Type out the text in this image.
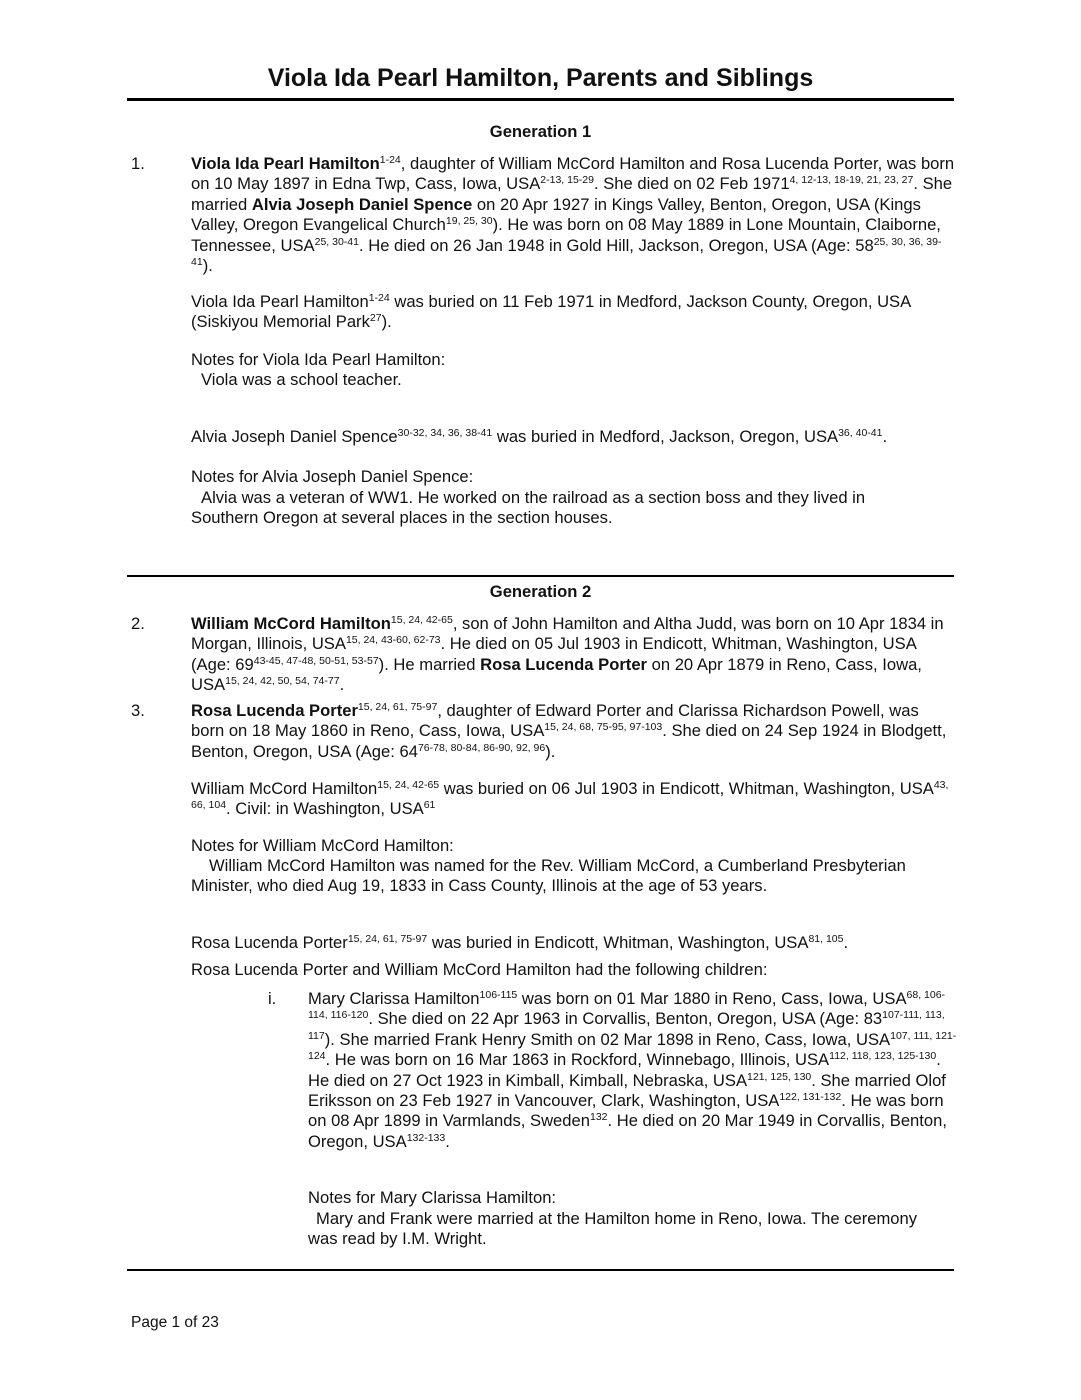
Viola Ida Pearl Hamilton, Parents and Siblings
Generation 1
1.	Viola Ida Pearl Hamilton$^{1-24}$, daughter of William McCord Hamilton and Rosa Lucenda Porter, was born on 10 May 1897 in Edna Twp, Cass, Iowa, USA$^{2-13, 15-29}$. She died on 02 Feb 1971$^{4, 12-13, 18-19, 21, 23, 27}$. She married Alvia Joseph Daniel Spence on 20 Apr 1927 in Kings Valley, Benton, Oregon, USA (Kings Valley, Oregon Evangelical Church$^{19, 25, 30}$). He was born on 08 May 1889 in Lone Mountain, Claiborne, Tennessee, USA$^{25, 30-41}$. He died on 26 Jan 1948 in Gold Hill, Jackson, Oregon, USA (Age: 58$^{25, 30, 36, 39-41}$).

Viola Ida Pearl Hamilton$^{1-24}$ was buried on 11 Feb 1971 in Medford, Jackson County, Oregon, USA (Siskiyou Memorial Park$^{27}$).

Notes for Viola Ida Pearl Hamilton:

Viola was a school teacher.

Alvia Joseph Daniel Spence$^{30-32, 34, 36, 38-41}$ was buried in Medford, Jackson, Oregon, USA$^{36, 40-41}$.

Notes for Alvia Joseph Daniel Spence:

Alvia was a veteran of WW1. He worked on the railroad as a section boss and they lived in

Southern Oregon at several places in the section houses.

Generation 2
2.	William McCord Hamilton$^{15, 24, 42-65}$, son of John Hamilton and Altha Judd, was born on 10 Apr 1834 in Morgan, Illinois, USA$^{15, 24, 43-60, 62-73}$. He died on 05 Jul 1903 in Endicott, Whitman, Washington, USA (Age: 69$^{43-45, 47-48, 50-51, 53-57}$). He married Rosa Lucenda Porter on 20 Apr 1879 in Reno, Cass, Iowa, USA$^{15, 24, 42, 50, 54, 74-77}$.

3.	Rosa Lucenda Porter$^{15, 24, 61, 75-97}$, daughter of Edward Porter and Clarissa Richardson Powell, was born on 18 May 1860 in Reno, Cass, Iowa, USA$^{15, 24, 68, 75-95, 97-103}$. She died on 24 Sep 1924 in Blodgett, Benton, Oregon, USA (Age: 64$^{76-78, 80-84, 86-90, 92, 96}$).

William McCord Hamilton$^{15, 24, 42-65}$ was buried on 06 Jul 1903 in Endicott, Whitman, Washington, USA$^{43, 66, 104}$. Civil: in Washington, USA$^{61}$

Notes for William McCord Hamilton:

William McCord Hamilton was named for the Rev. William McCord, a Cumberland Presbyterian

Minister, who died Aug 19, 1833 in Cass County, Illinois at the age of 53 years.

Rosa Lucenda Porter$^{15, 24, 61, 75-97}$ was buried in Endicott, Whitman, Washington, USA$^{81, 105}$.

Rosa Lucenda Porter and William McCord Hamilton had the following children:

i. Mary Clarissa Hamilton$^{106-115}$ was born on 01 Mar 1880 in Reno, Cass, Iowa, USA$^{68, 106-114, 116-120}$. She died on 22 Apr 1963 in Corvallis, Benton, Oregon, USA (Age: 83$^{107-111, 113, 117}$). She married Frank Henry Smith on 02 Mar 1898 in Reno, Cass, Iowa, USA$^{107, 111, 121-124}$. He was born on 16 Mar 1863 in Rockford, Winnebago, Illinois, USA$^{112, 118, 123, 125-130}$. He died on 27 Oct 1923 in Kimball, Kimball, Nebraska, USA$^{121, 125, 130}$. She married Olof Eriksson on 23 Feb 1927 in Vancouver, Clark, Washington, USA$^{122, 131-132}$. He was born on 08 Apr 1899 in Varmlands, Sweden$^{132}$. He died on 20 Mar 1949 in Corvallis, Benton, Oregon, USA$^{132-133}$.

Notes for Mary Clarissa Hamilton:

Mary and Frank were married at the Hamilton home in Reno, Iowa. The ceremony

was read by I.M. Wright.

Page 1 of 23
